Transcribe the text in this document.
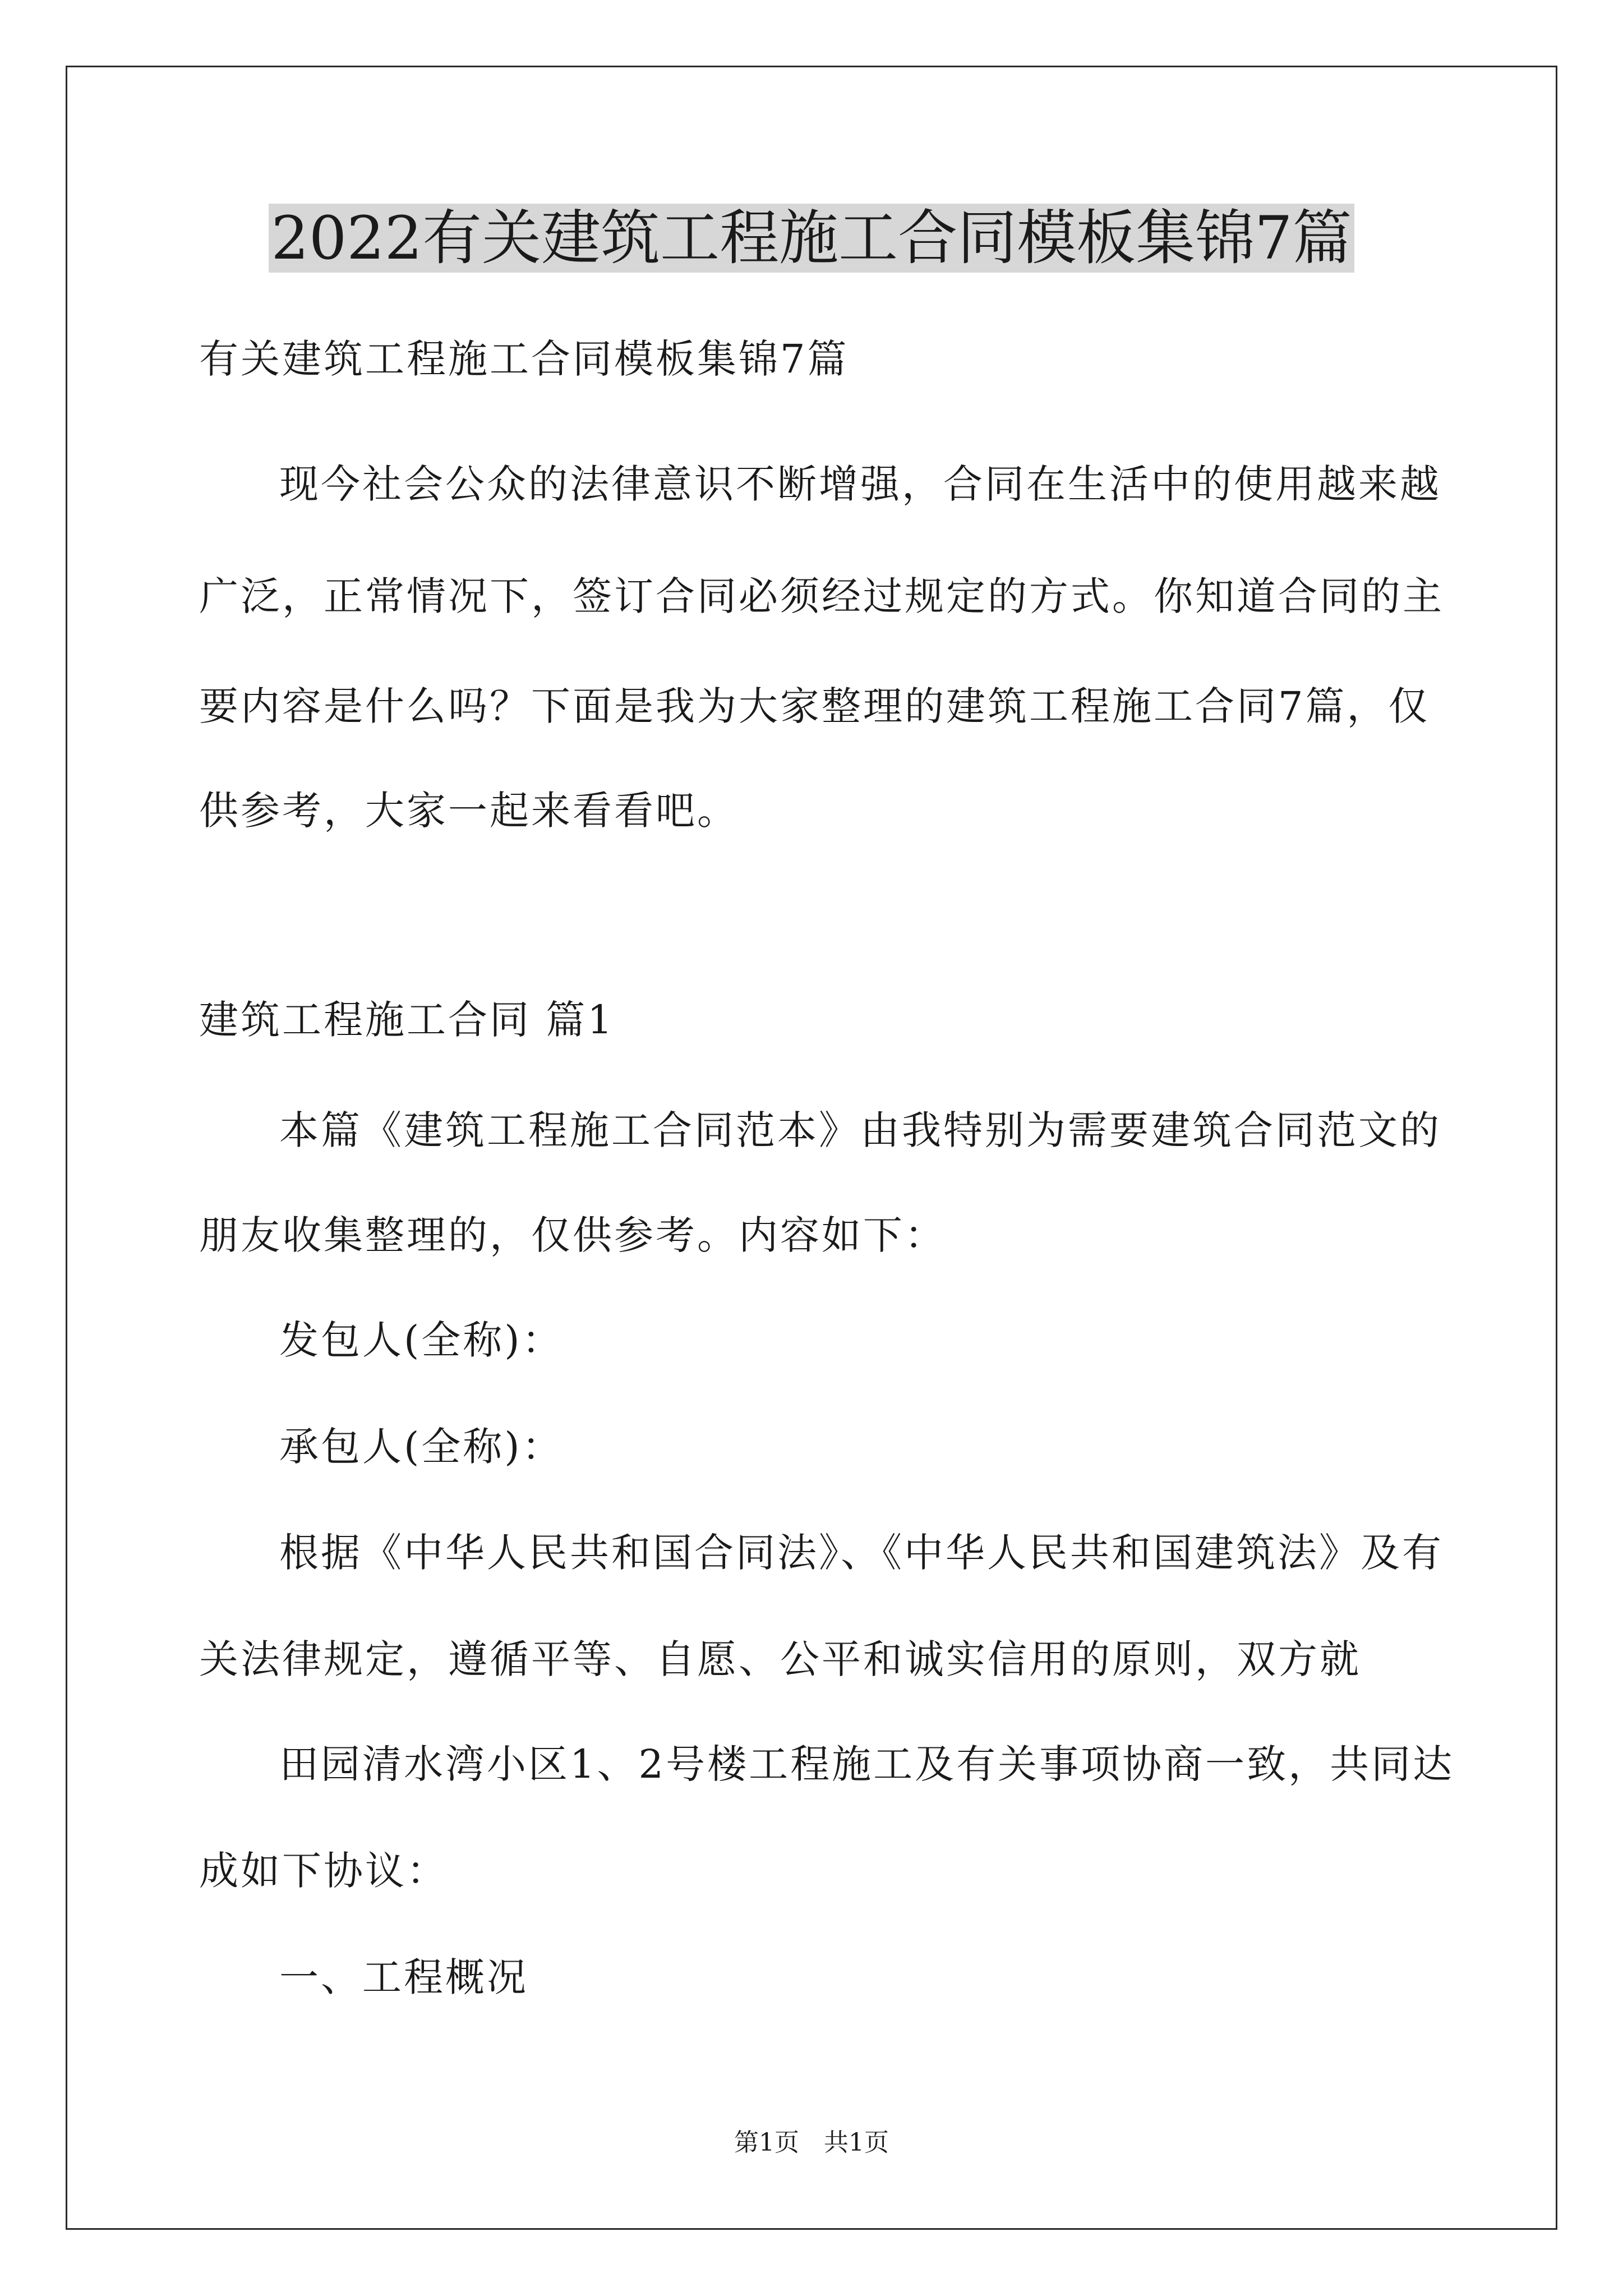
2022有关建筑工程施工合同模板集锦7篇
有关建筑工程施工合同模板集锦7篇
现今社会公众的法律意识不断增强，合同在生活中的使用越来越
广泛，正常情况下，签订合同必须经过规定的方式。你知道合同的主
要内容是什么吗？下面是我为大家整理的建筑工程施工合同7篇，仅
供参考，大家一起来看看吧。
建筑工程施工合同 篇1
本篇《建筑工程施工合同范本》由我特别为需要建筑合同范文的
朋友收集整理的，仅供参考。内容如下：
发包人(全称)：
承包人(全称)：
根据《中华人民共和国合同法》、《中华人民共和国建筑法》及有
关法律规定，遵循平等、自愿、公平和诚实信用的原则，双方就
田园清水湾小区1、2号楼工程施工及有关事项协商一致，共同达
成如下协议：
一、工程概况
第1页　共1页
